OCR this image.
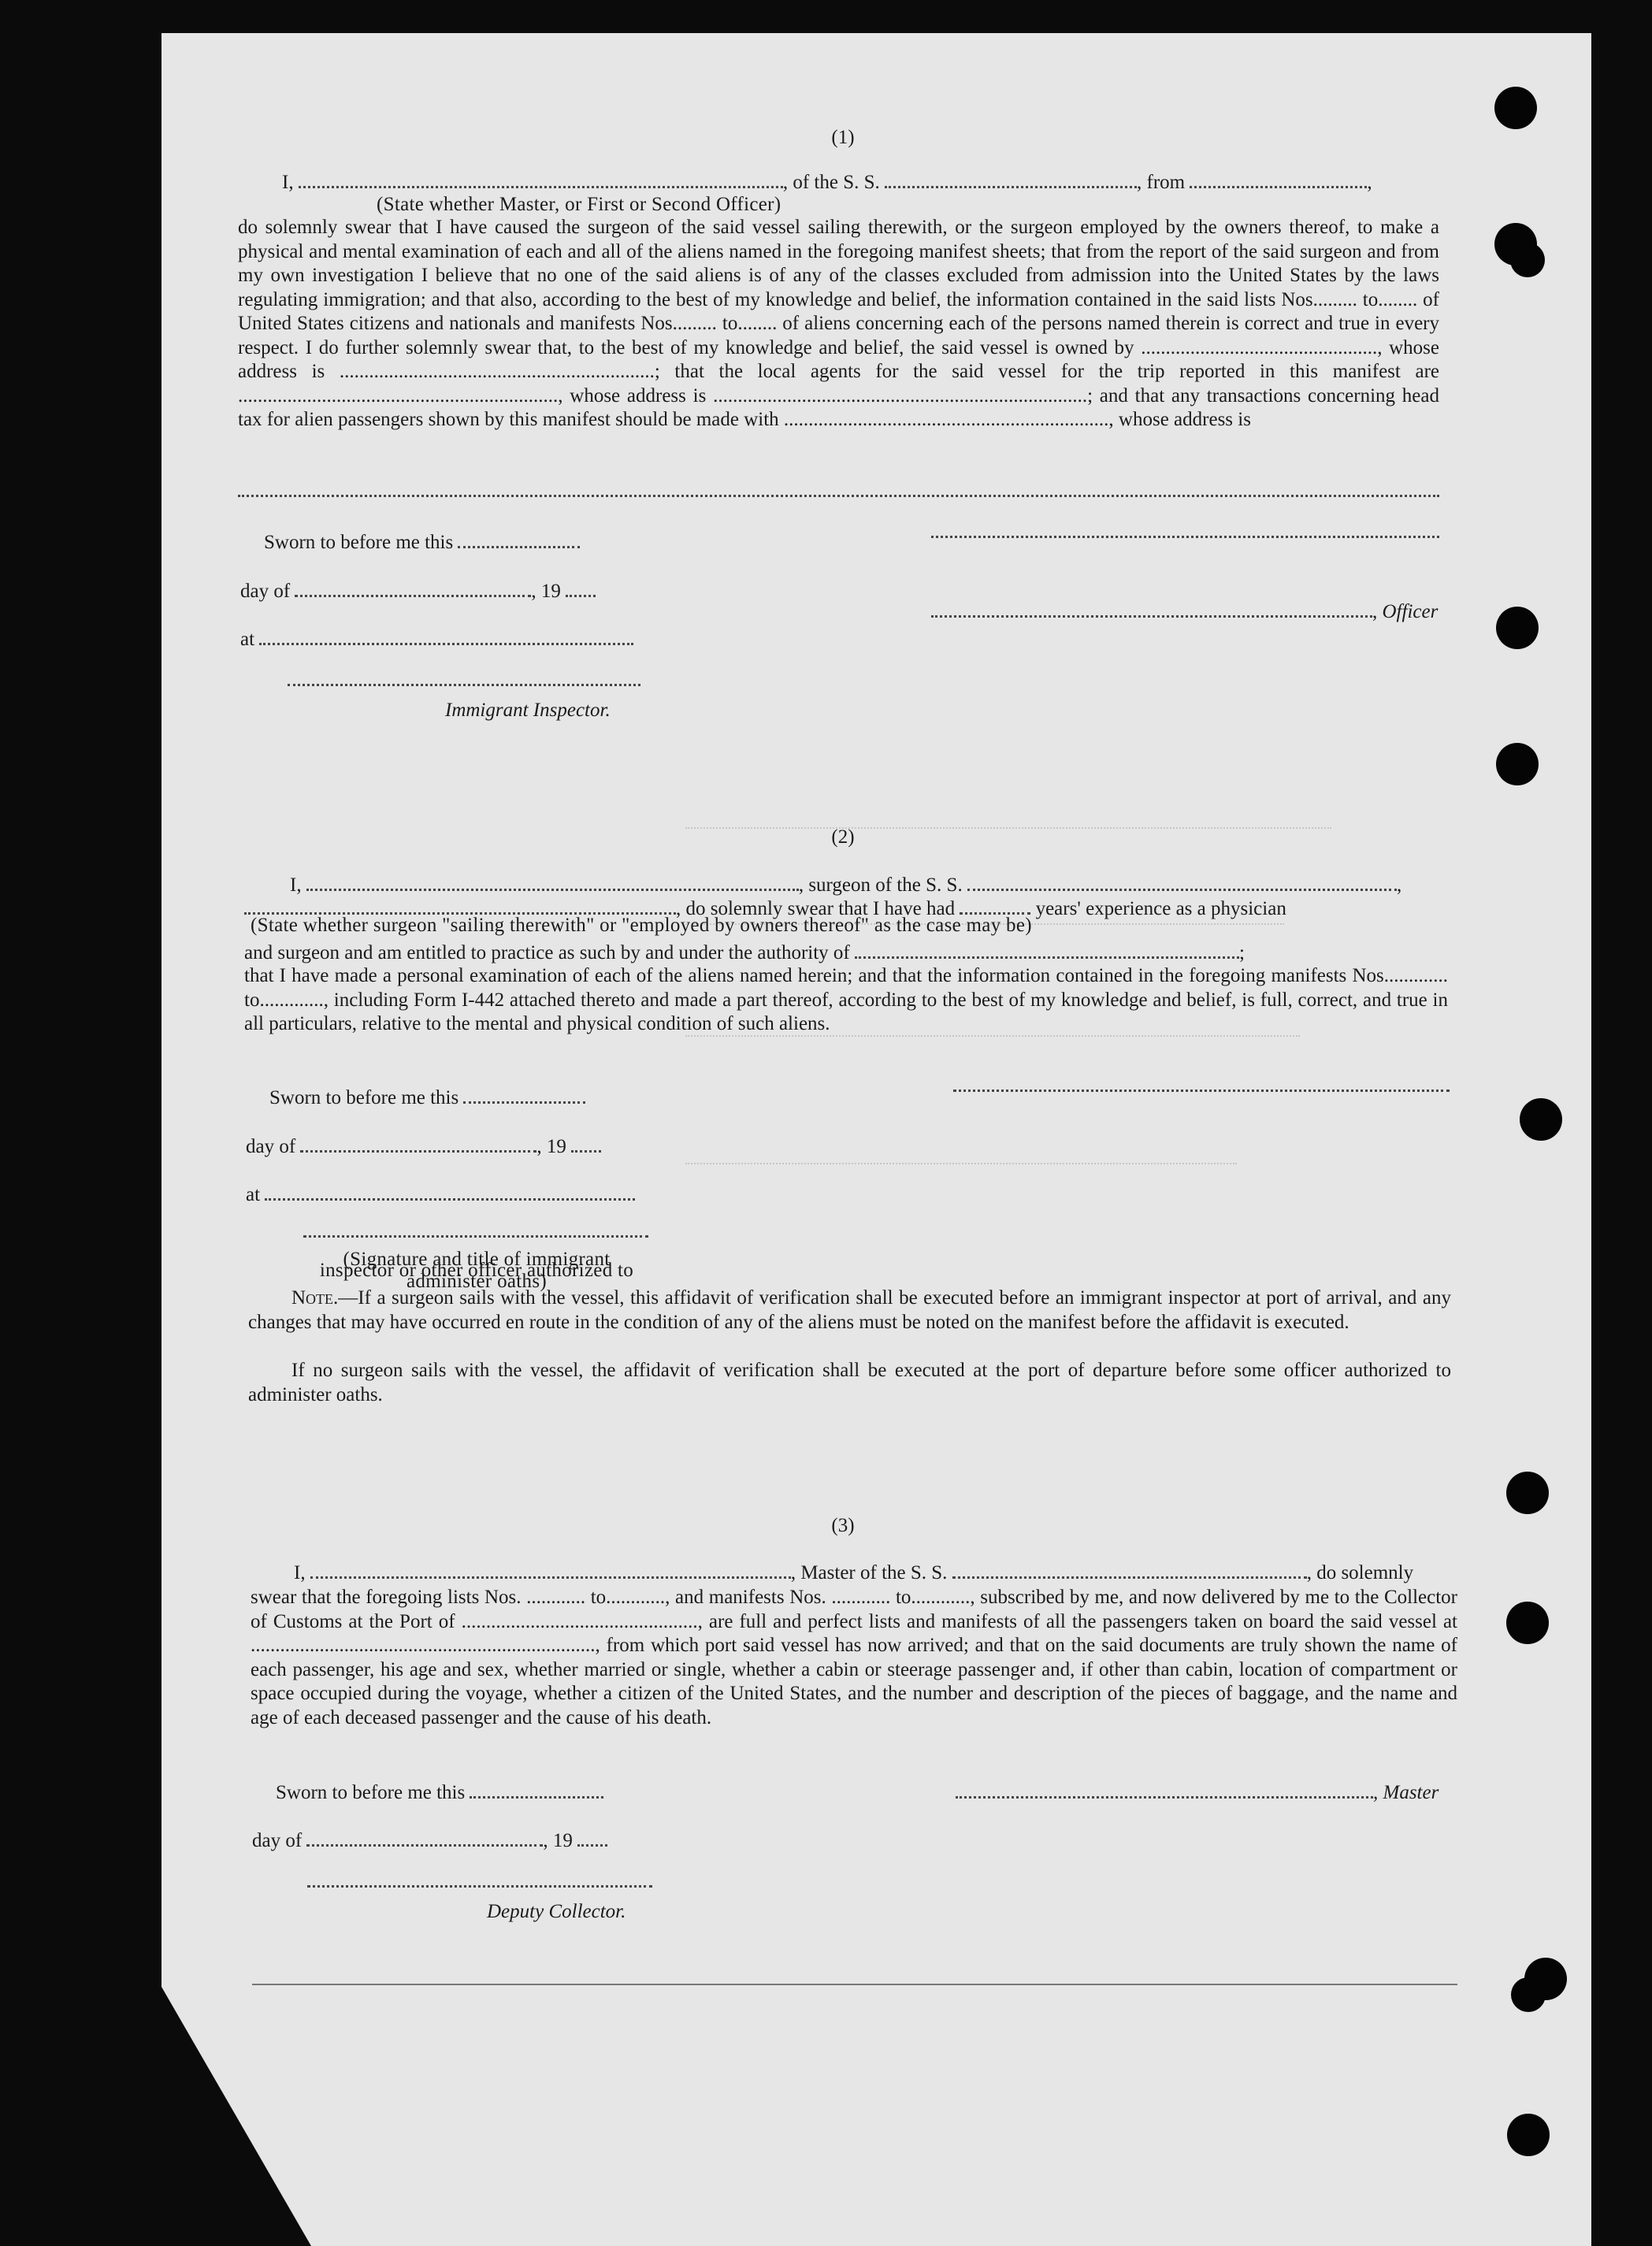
(1)
I,	, of the S. S.	, from	,
(State whether Master, or First or Second Officer)
do solemnly swear that I have caused the surgeon of the said vessel sailing therewith, or the surgeon employed by the owners thereof, to make a physical and mental examination of each and all of the aliens named in the foregoing manifest sheets; that from the report of the said surgeon and from my own investigation I believe that no one of the said aliens is of any of the classes excluded from admission into the United States by the laws regulating immigration; and that also, according to the best of my knowledge and belief, the information contained in the said lists Nos......... to........ of United States citizens and nationals and manifests Nos......... to........ of aliens concerning each of the persons named therein is correct and true in every respect. I do further solemnly swear that, to the best of my knowledge and belief, the said vessel is owned by ................................................, whose address is ................................................................; that the local agents for the said vessel for the trip reported in this manifest are ................................................................., whose address is ............................................................................; and that any transactions concerning head tax for alien passengers shown by this manifest should be made with .................................................................., whose address is
Sworn to before me this
day of	, 19
, Officer
at
Immigrant Inspector.
(2)
I,	, surgeon of the S. S.	,
, do solemnly swear that I have had	years' experience as a physician
(State whether surgeon "sailing therewith" or "employed by owners thereof" as the case may be)
and surgeon and am entitled to practice as such by and under the authority of	;
that I have made a personal examination of each of the aliens named herein; and that the information contained in the foregoing manifests Nos............. to............., including Form I-442 attached thereto and made a part thereof, according to the best of my knowledge and belief, is full, correct, and true in all particulars, relative to the mental and physical condition of such aliens.
Sworn to before me this
day of	, 19
at
(Signature and title of immigrant inspector or other officer authorized to administer oaths)
Note.—If a surgeon sails with the vessel, this affidavit of verification shall be executed before an immigrant inspector at port of arrival, and any changes that may have occurred en route in the condition of any of the aliens must be noted on the manifest before the affidavit is executed.
If no surgeon sails with the vessel, the affidavit of verification shall be executed at the port of departure before some officer authorized to administer oaths.
(3)
I,	, Master of the S. S.	, do solemnly
swear that the foregoing lists Nos. ............ to............, and manifests Nos. ............ to............, subscribed by me, and now delivered by me to the Collector of Customs at the Port of ................................................, are full and perfect lists and manifests of all the passengers taken on board the said vessel at ......................................................................, from which port said vessel has now arrived; and that on the said documents are truly shown the name of each passenger, his age and sex, whether married or single, whether a cabin or steerage passenger and, if other than cabin, location of compartment or space occupied during the voyage, whether a citizen of the United States, and the number and description of the pieces of baggage, and the name and age of each deceased passenger and the cause of his death.
Sworn to before me this	, Master
day of	, 19
Deputy Collector.
